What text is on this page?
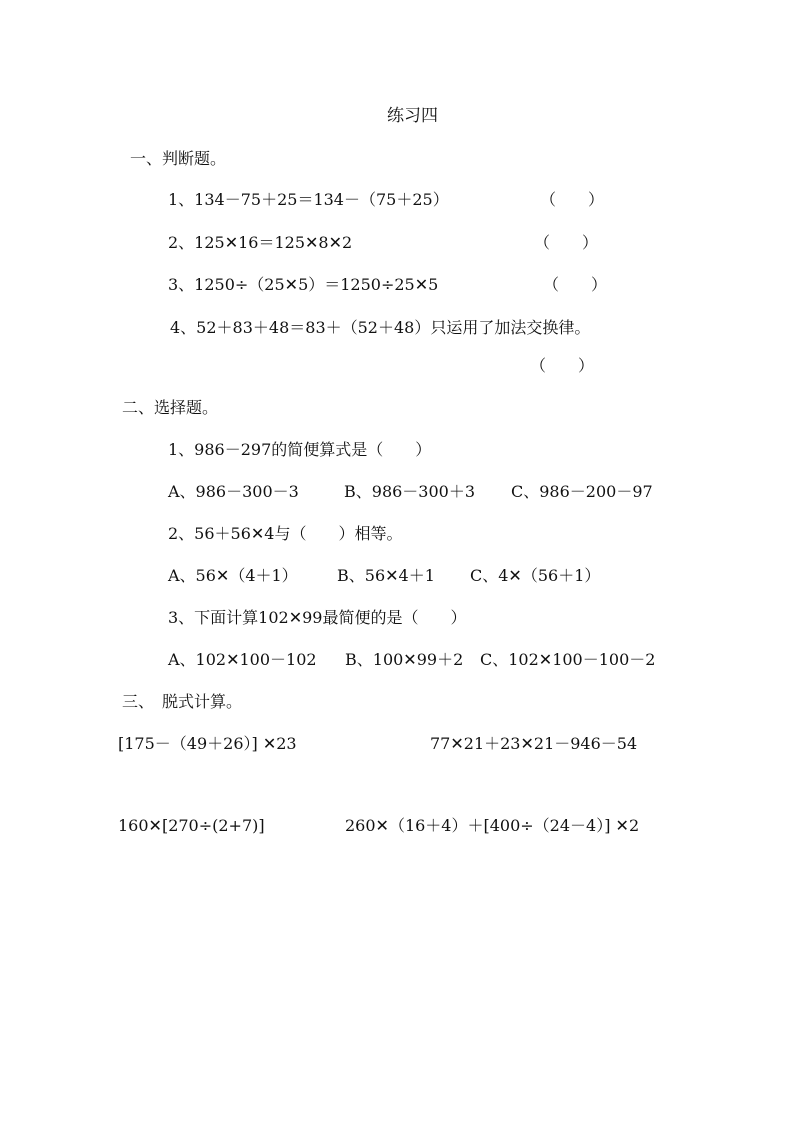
练习四
一、判断题。
1、134－75＋25＝134－（75＋25）	（　　）
2、125✕16＝125✕8✕2	（　　）
3、1250÷（25✕5）＝1250÷25✕5	（　　）
4、52＋83＋48＝83＋（52＋48）只运用了加法交换律。
（　　）
二、选择题。
1、986－297的简便算式是（　　）
A、986－300－3	B、986－300＋3 C、986－200－97
2、56＋56✕4与（　　）相等。
A、56✕（4＋1） B、56✕4＋1 C、4✕（56＋1）
3、下面计算102✕99最简便的是（　　）
A、102✕100－102 B、100✕99＋2 C、102✕100－100－2
三、　脱式计算。
[175－（49＋26）] ✕23	77✕21＋23✕21－946－54
160✕[270÷(2+7)]	260✕（16＋4）＋[400÷（24－4）] ✕2
